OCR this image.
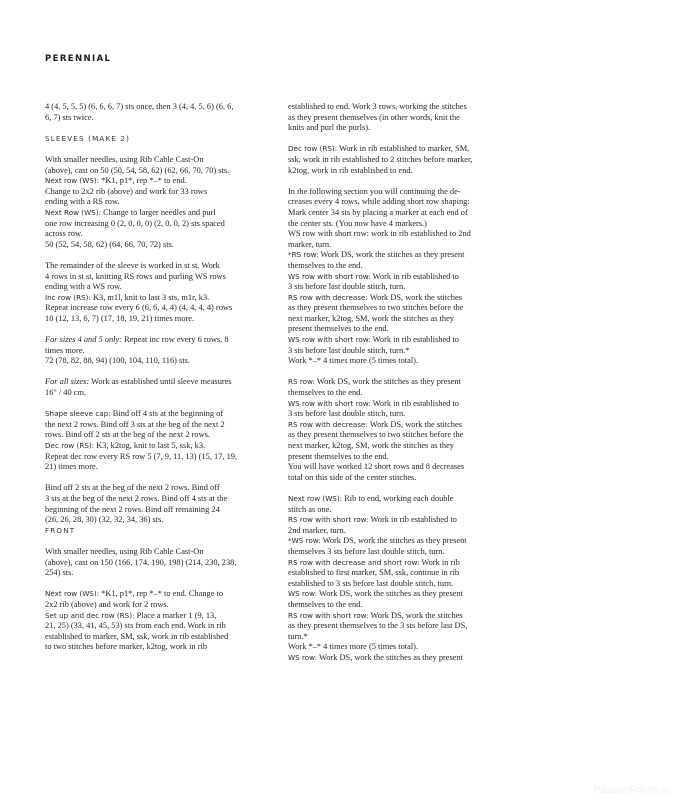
PERENNIAL

4 (4, 5, 5, 5) (6, 6, 6, 7) sts once, then 3 (4, 4, 5, 6) (6, 6,
6, 7) sts twice.

SLEEVES (MAKE 2)

With smaller needles, using Rib Cable Cast-On
(above), cast on 50 (50, 54, 58, 62) (62, 66, 70, 70) sts.
Next row (WS): *K1, p1*, rep *–* to end.
Change to 2x2 rib (above) and work for 33 rows
ending with a RS row.
Next Row (WS): Change to larger needles and purl
one row increasing 0 (2, 0, 0, 0) (2, 0, 0, 2) sts spaced
across row.
50 (52, 54, 58, 62) (64, 66, 70, 72) sts.

The remainder of the sleeve is worked in st st. Work
4 rows in st st, knitting RS rows and purling WS rows
ending with a WS row.
Inc row (RS): K3, m1l, knit to last 3 sts, m1r, k3.
Repeat increase row every 6 (6, 6, 4, 4) (4, 4, 4, 4) rows
10 (12, 13, 6, 7) (17, 18, 19, 21) times more.

For sizes 4 and 5 only: Repeat inc row every 6 rows, 8
times more.
72 (78, 82, 88, 94) (100, 104, 110, 116) sts.

For all sizes: Work as established until sleeve measures
16" / 40 cm.

Shape sleeve cap: Bind off 4 sts at the beginning of
the next 2 rows. Bind off 3 sts at the beg of the next 2
rows. Bind off 2 sts at the beg of the next 2 rows.
Dec row (RS): K3, k2tog, knit to last 5, ssk, k3.
Repeat dec row every RS row 5 (7, 9, 11, 13) (15, 17, 19,
21) times more.

Bind off 2 sts at the beg of the next 2 rows. Bind off
3 sts at the beg of the next 2 rows. Bind off 4 sts at the
beginning of the next 2 rows. Bind off remaining 24
(26, 26, 28, 30) (32, 32, 34, 36) sts.

FRONT

With smaller needles, using Rib Cable Cast-On
(above), cast on 150 (166, 174, 190, 198) (214, 230, 238,
254) sts.

Next row (WS): *K1, p1*, rep *–* to end. Change to
2x2 rib (above) and work for 2 rows.
Set up and dec row (RS): Place a marker 1 (9, 13,
21, 25) (33, 41, 45, 53) sts from each end. Work in rib
established to marker, SM, ssk, work in rib established
to two stitches before marker, k2tog, work in rib

established to end. Work 3 rows, working the stitches
as they present themselves (in other words, knit the
knits and purl the purls).

Dec row (RS): Work in rib established to marker, SM,
ssk, work in rib established to 2 stitches before marker,
k2tog, work in rib established to end.

In the following section you will continuing the de-
creases every 4 rows, while adding short row shaping:
Mark center 34 sts by placing a marker at each end of
the center sts. (You now have 4 markers.)
WS row with short row: work in rib established to 2nd
marker, turn.
*RS row: Work DS, work the stitches as they present
themselves to the end.
WS row with short row: Work in rib established to
3 sts before last double stitch, turn.
RS row with decrease: Work DS, work the stitches
as they present themselves to two stitches before the
next marker, k2tog, SM, work the stitches as they
present themselves to the end.
WS row with short row: Work in rib established to
3 sts before last double stitch, turn.*
Work *–* 4 times more (5 times total).

RS row: Work DS, work the stitches as they present
themselves to the end.
WS row with short row: Work in rib established to
3 sts before last double stitch, turn.
RS row with decrease: Work DS, work the stitches
as they present themselves to two stitches before the
next marker, k2tog, SM, work the stitches as they
present themselves to the end.
You will have worked 12 short rows and 8 decreases
total on this side of the center stitches.

Next row (WS): Rib to end, working each double
stitch as one.
RS row with short row: Work in rib established to
2nd marker, turn.
*WS row: Work DS, work the stitches as they present
themselves 3 sts before last double stitch, turn.
RS row with decrease and short row: Work in rib
established to first marker, SM, ssk, continue in rib
established to 3 sts before last double stitch, turn.
WS row: Work DS, work the stitches as they present
themselves to the end.
RS row with short row: Work DS, work the stitches
as they present themselves to the 3 sts before last DS,
turn.*
Work *–* 4 times more (5 times total).
WS row: Work DS, work the stitches as they present

PassionForum.ru
